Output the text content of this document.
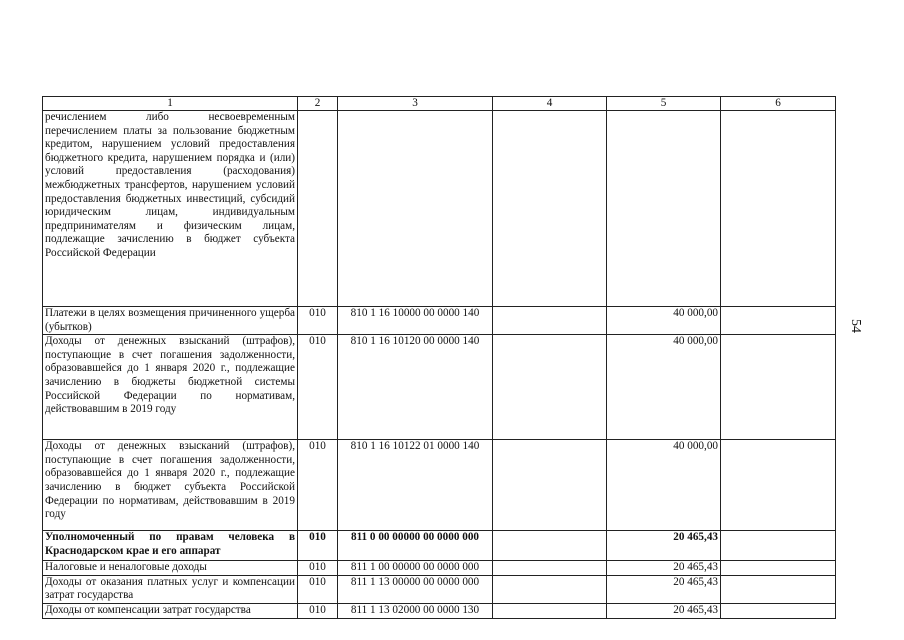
1	2	3	4	5	6
речислением либо несвоевременным перечислением платы за пользование бюджетным кредитом, нарушением условий предоставления бюджетного кредита, нарушением порядка и (или) условий предоставления (расходования) межбюджетных трансфертов, нарушением условий предоставления бюджетных инвестиций, субсидий юридическим лицам, индивидуальным предпринимателям и физическим лицам, подлежащие зачислению в бюджет субъекта Российской Федерации					
Платежи в целях возмещения причиненного ущерба (убытков)	010	810 1 16 10000 00 0000 140		40 000,00	
Доходы от денежных взысканий (штрафов), поступающие в счет погашения задолженности, образовавшейся до 1 января 2020 г., подлежащие зачислению в бюджеты бюджетной системы Российской Федерации по нормативам, действовавшим в 2019 году	010	810 1 16 10120 00 0000 140		40 000,00	
Доходы от денежных взысканий (штрафов), поступающие в счет погашения задолженности, образовавшейся до 1 января 2020 г., подлежащие зачислению в бюджет субъекта Российской Федерации по нормативам, действовавшим в 2019 году	010	810 1 16 10122 01 0000 140		40 000,00	
Уполномоченный по правам человека в Краснодарском крае и его аппарат	010	811 0 00 00000 00 0000 000		20 465,43	
Налоговые и неналоговые доходы	010	811 1 00 00000 00 0000 000		20 465,43	
Доходы от оказания платных услуг и компенсации затрат государства	010	811 1 13 00000 00 0000 000		20 465,43	
Доходы от компенсации затрат государства	010	811 1 13 02000 00 0000 130		20 465,43	
54
